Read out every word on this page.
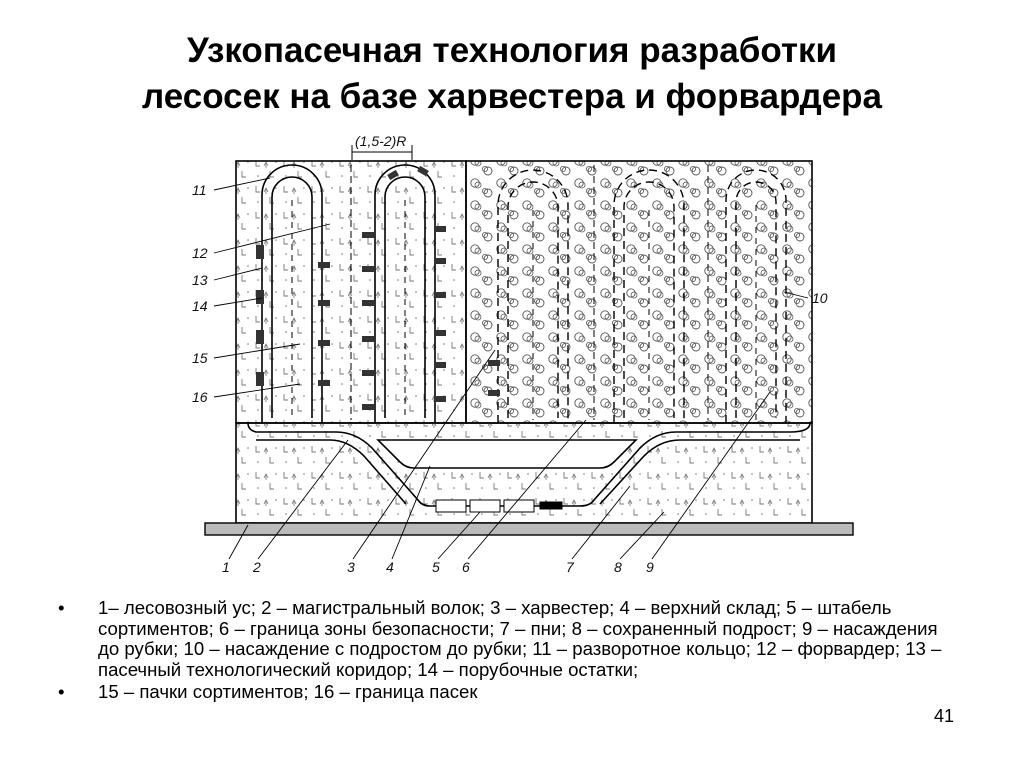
Узкопасечная технология разработки
лесосек на базе харвестера и форвардера
(1,5-2)R
11
12
13
14
15
16
10
1 2	3 4	5 6	7	8 9
• 1– лесовозный ус; 2 – магистральный волок; 3 – харвестер; 4 – верхний склад; 5 – штабель сортиментов; 6 – граница зоны безопасности; 7 – пни; 8 – сохраненный подрост; 9 – насаждения до рубки; 10 – насаждение с подростом до рубки; 11 – разворотное кольцо; 12 – форвардер; 13 – пасечный технологический коридор; 14 – порубочные остатки;
• 15 – пачки сортиментов; 16 – граница пасек
41
